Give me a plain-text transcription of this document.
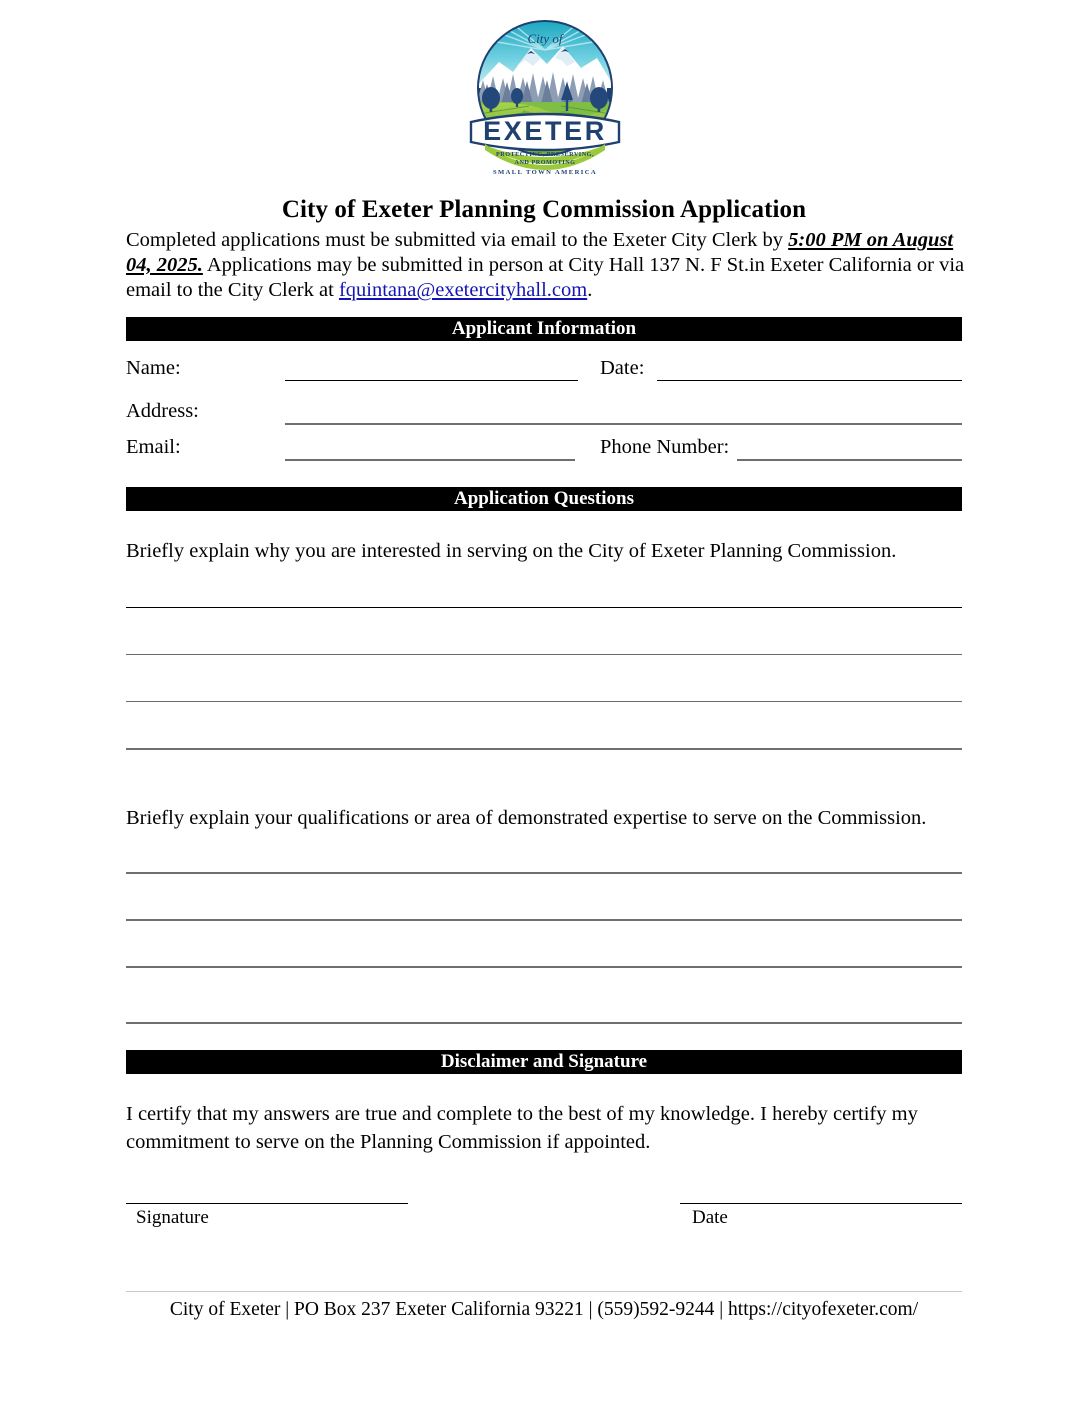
City of
EXETER
PROTECTING, PRESERVING,
AND PROMOTING
SMALL TOWN AMERICA
City of Exeter Planning Commission Application
Completed applications must be submitted via email to the Exeter City Clerk by 5:00 PM on August 04, 2025. Applications may be submitted in person at City Hall 137 N. F St.in Exeter California or via email to the City Clerk at fquintana@exetercityhall.com.
Applicant Information
Name:	Date:
Address:
Email:	Phone Number:
Application Questions
Briefly explain why you are interested in serving on the City of Exeter Planning Commission.
Briefly explain your qualifications or area of demonstrated expertise to serve on the Commission.
Disclaimer and Signature
I certify that my answers are true and complete to the best of my knowledge. I hereby certify my commitment to serve on the Planning Commission if appointed.
Signature	Date
City of Exeter | PO Box 237 Exeter California 93221 | (559)592-9244 | https://cityofexeter.com/
